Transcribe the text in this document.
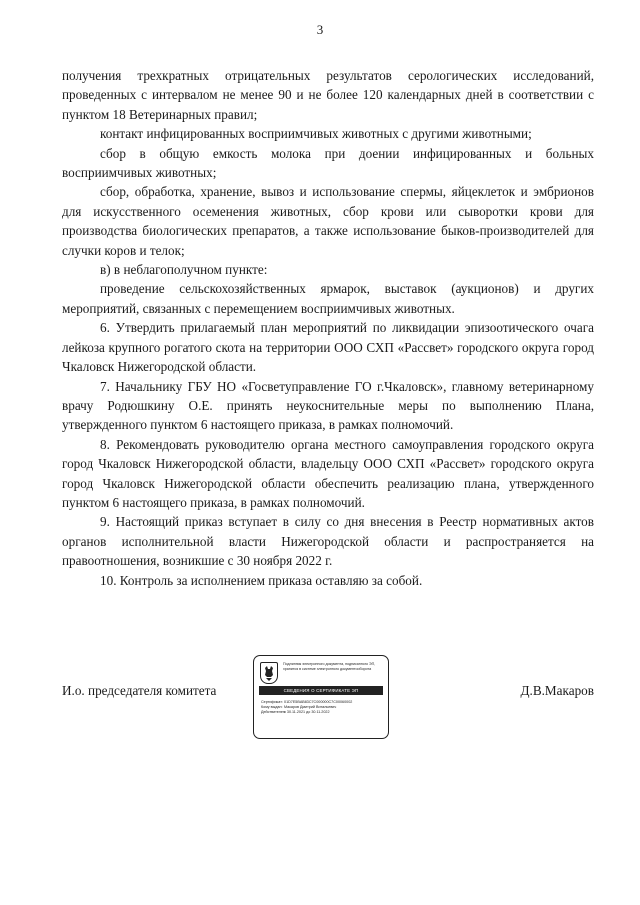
3

получения трехкратных отрицательных результатов серологических исследований, проведенных с интервалом не менее 90 и не более 120 календарных дней в соответствии с пунктом 18 Ветеринарных правил;

контакт инфицированных восприимчивых животных с другими животными;

сбор в общую емкость молока при доении инфицированных и больных восприимчивых животных;

сбор, обработка, хранение, вывоз и использование спермы, яйцеклеток и эмбрионов для искусственного осеменения животных, сбор крови или сыворотки крови для производства биологических препаратов, а также использование быков-производителей для случки коров и телок;

в) в неблагополучном пункте:

проведение сельскохозяйственных ярмарок, выставок (аукционов) и других мероприятий, связанных с перемещением восприимчивых животных.

6. Утвердить прилагаемый план мероприятий по ликвидации эпизоотического очага лейкоза крупного рогатого скота на территории ООО СХП «Рассвет» городского округа город Чкаловск Нижегородской области.

7. Начальнику ГБУ НО «Госветуправление ГО г.Чкаловск», главному ветеринарному врачу Родюшкину О.Е. принять неукоснительные меры по выполнению Плана, утвержденного пунктом 6 настоящего приказа, в рамках полномочий.

8. Рекомендовать руководителю органа местного самоуправления городского округа город Чкаловск Нижегородской области, владельцу ООО СХП «Рассвет» городского округа город Чкаловск Нижегородской области обеспечить реализацию плана, утвержденного пунктом 6 настоящего приказа, в рамках полномочий.

9. Настоящий приказ вступает в силу со дня внесения в Реестр нормативных актов органов исполнительной власти Нижегородской области и распространяется на правоотношения, возникшие с 30 ноября 2022 г.

10. Контроль за исполнением приказа оставляю за собой.

И.о. председателя комитета
Подлинник электронного документа, подписанного ЭП, хранится в системе электронного документооборота
СВЕДЕНИЯ О СЕРТИФИКАТЕ ЭП
Сертификат: 01D7E5BAB83C7C000000C7C00060002
Кому выдан: Макаров Дмитрий Витальевич
Действителен: с 30.11.2021 до 30.11.2022
Д.В.Макаров
